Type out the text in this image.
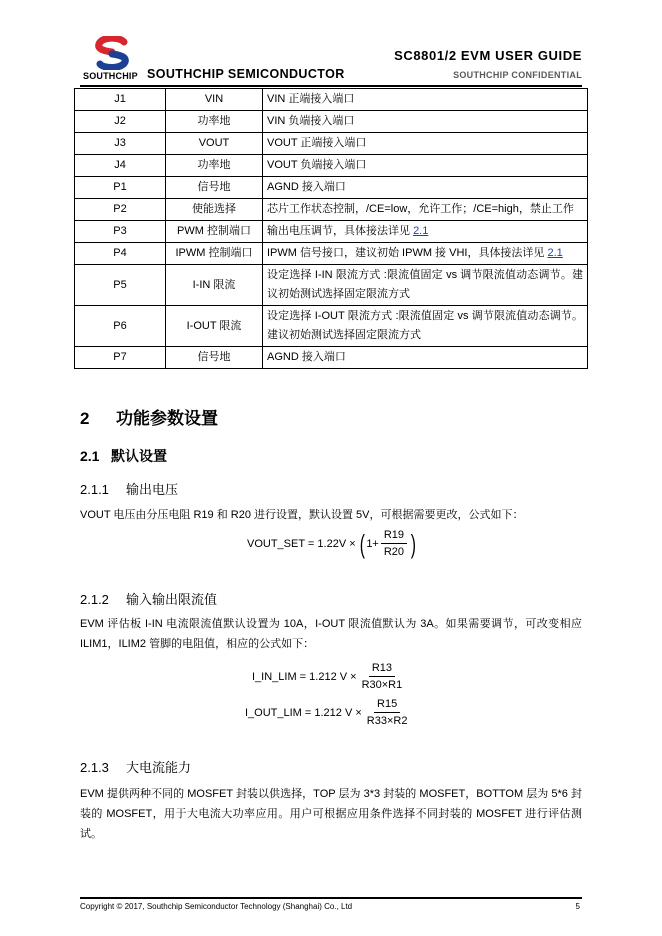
SOUTHCHIP SOUTHCHIP SEMICONDUCTOR
SC8801/2 EVM USER GUIDE
SOUTHCHIP CONFIDENTIAL
J1	VIN	VIN 正端接入端口
J2	功率地	VIN 负端接入端口
J3	VOUT	VOUT 正端接入端口
J4	功率地	VOUT 负端接入端口
P1	信号地	AGND 接入端口
P2	使能选择	芯片工作状态控制，/CE=low，允许工作；/CE=high，禁止工作
P3	PWM 控制端口	输出电压调节，具体接法详见 2.1
P4	IPWM 控制端口	IPWM 信号接口，建议初始 IPWM 接 VHI，具体接法详见 2.1
P5	I-IN 限流	设定选择 I-IN 限流方式 :限流值固定 vs 调节限流值动态调节。建议初始测试选择固定限流方式
P6	I-OUT 限流	设定选择 I-OUT 限流方式 :限流值固定 vs 调节限流值动态调节。建议初始测试选择固定限流方式
P7	信号地	AGND 接入端口
2 功能参数设置
2.1 默认设置
2.1.1 输出电压
VOUT 电压由分压电阻 R19 和 R20 进行设置，默认设置 5V，可根据需要更改，公式如下：
VOUT_SET = 1.22V × ( $1+ \frac{R19}{R20}$ )
2.1.2 输入输出限流值
EVM 评估板 I-IN 电流限流值默认设置为 10A，I-OUT 限流值默认为 3A。如果需要调节，可改变相应 ILIM1，ILIM2 管脚的电阻值，相应的公式如下：
I_IN_LIM = 1.212 $V \times \frac{R13}{R30\times R1}$
I_OUT_LIM = 1.212 $V \times \frac{R15}{R33\times R2}$
2.1.3 大电流能力
EVM 提供两种不同的 MOSFET 封装以供选择，TOP 层为 3*3 封装的 MOSFET，BOTTOM 层为 5*6 封装的 MOSFET，用于大电流大功率应用。用户可根据应用条件选择不同封装的 MOSFET 进行评估测试。
Copyright © 2017, Southchip Semiconductor Technology (Shanghai) Co., Ltd	5
